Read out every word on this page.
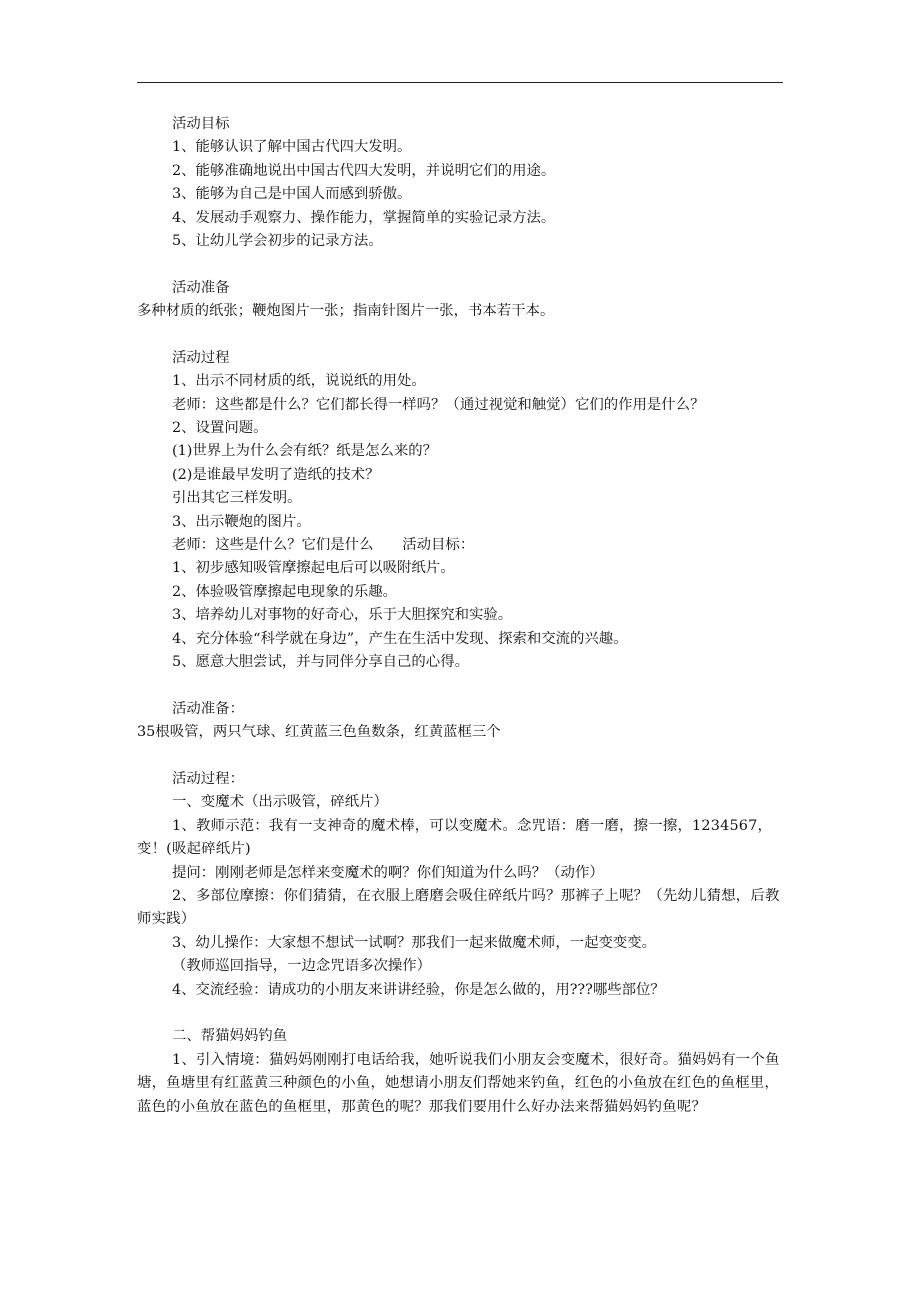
活动目标
1、能够认识了解中国古代四大发明。
2、能够准确地说出中国古代四大发明，并说明它们的用途。
3、能够为自己是中国人而感到骄傲。
4、发展动手观察力、操作能力，掌握简单的实验记录方法。
5、让幼儿学会初步的记录方法。
活动准备
多种材质的纸张；鞭炮图片一张；指南针图片一张，书本若干本。
活动过程
1、出示不同材质的纸，说说纸的用处。
老师：这些都是什么？它们都长得一样吗？（通过视觉和触觉）它们的作用是什么？
2、设置问题。
(1)世界上为什么会有纸？纸是怎么来的？
(2)是谁最早发明了造纸的技术？
引出其它三样发明。
3、出示鞭炮的图片。
老师：这些是什么？它们是什么　　活动目标：
1、初步感知吸管摩擦起电后可以吸附纸片。
2、体验吸管摩擦起电现象的乐趣。
3、培养幼儿对事物的好奇心，乐于大胆探究和实验。
4、充分体验“科学就在身边”，产生在生活中发现、探索和交流的兴趣。
5、愿意大胆尝试，并与同伴分享自己的心得。
活动准备：
35根吸管，两只气球、红黄蓝三色鱼数条，红黄蓝框三个
活动过程：
一、变魔术（出示吸管，碎纸片）
1、教师示范：我有一支神奇的魔术棒，可以变魔术。念咒语：磨一磨，擦一擦，1234567，变！(吸起碎纸片)
提问：刚刚老师是怎样来变魔术的啊？你们知道为什么吗？（动作）
2、多部位摩擦：你们猜猜，在衣服上磨磨会吸住碎纸片吗？那裤子上呢？（先幼儿猜想，后教师实践）
3、幼儿操作：大家想不想试一试啊？那我们一起来做魔术师，一起变变变。
（教师巡回指导，一边念咒语多次操作）
4、交流经验：请成功的小朋友来讲讲经验，你是怎么做的，用???哪些部位？
二、帮猫妈妈钓鱼
1、引入情境：猫妈妈刚刚打电话给我，她听说我们小朋友会变魔术，很好奇。猫妈妈有一个鱼塘，鱼塘里有红蓝黄三种颜色的小鱼，她想请小朋友们帮她来钓鱼，红色的小鱼放在红色的鱼框里，蓝色的小鱼放在蓝色的鱼框里，那黄色的呢？那我们要用什么好办法来帮猫妈妈钓鱼呢？
